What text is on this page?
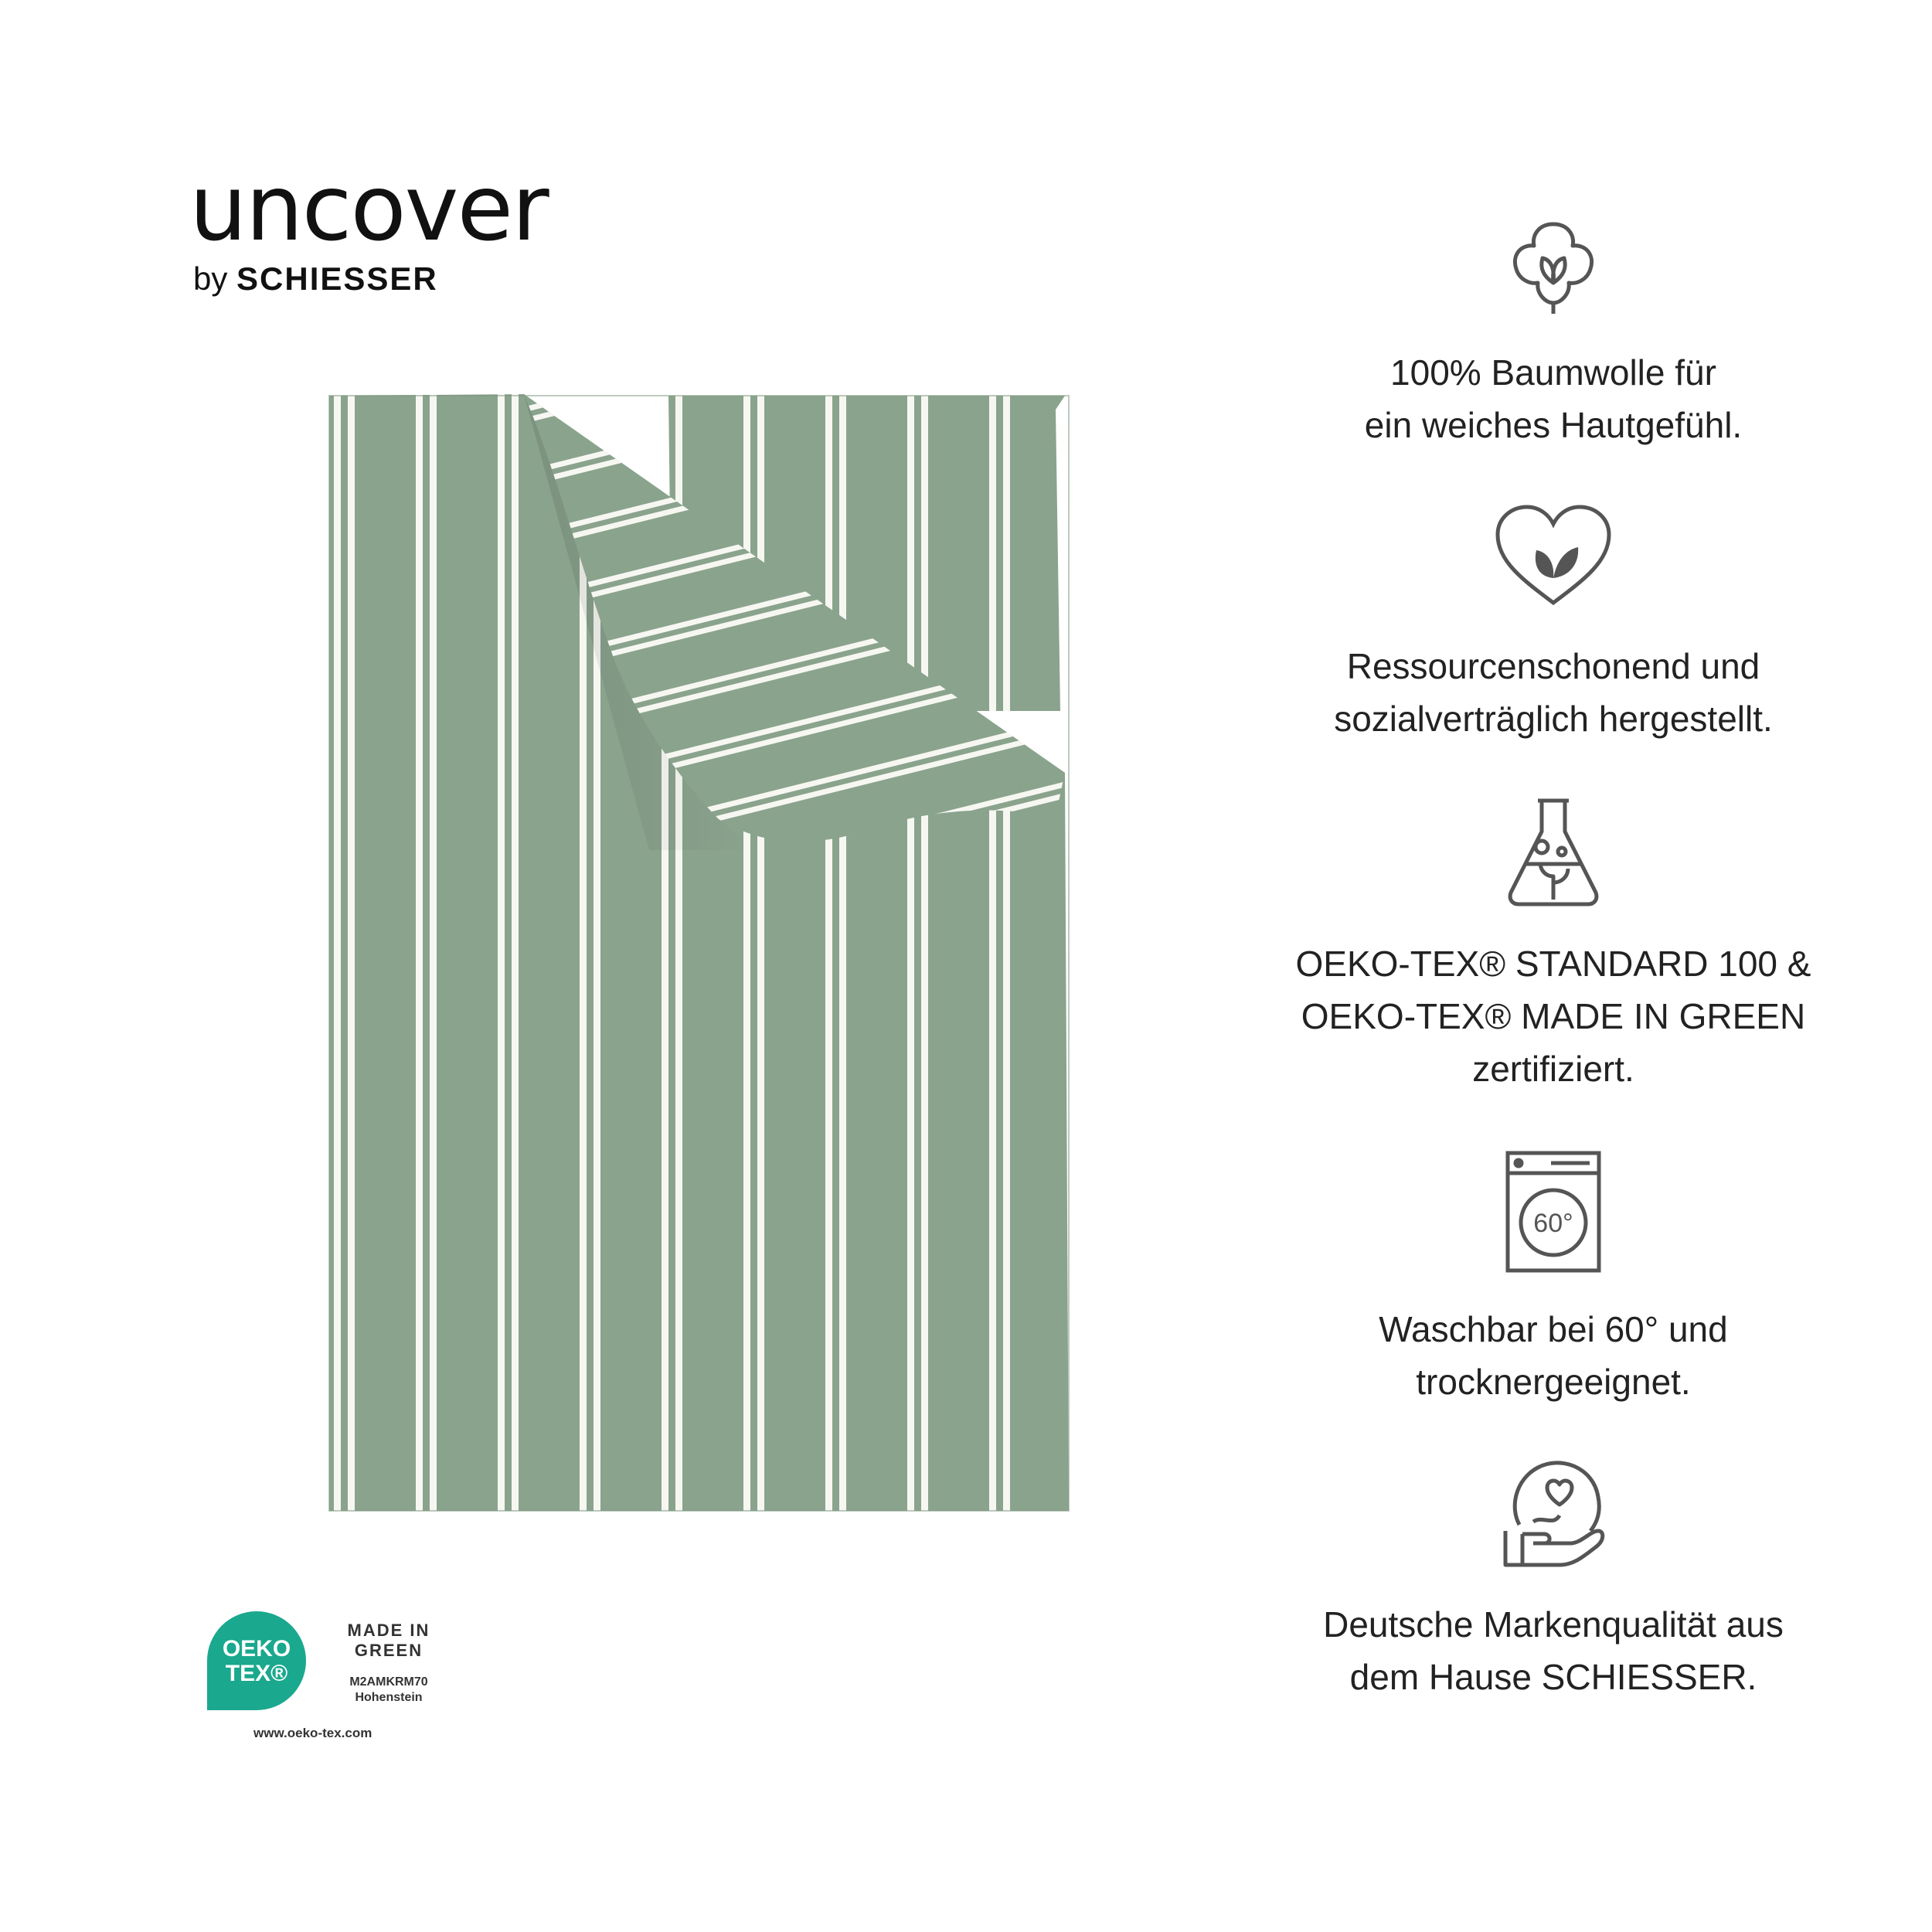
uncover
by SCHIESSER
100% Baumwolle für
ein weiches Hautgefühl.
Ressourcenschonend und
sozialverträglich hergestellt.
OEKO-TEX® STANDARD 100 &
OEKO-TEX® MADE IN GREEN
zertifiziert.
60°
Waschbar bei 60° und
trocknergeeignet.
Deutsche Markenqualität aus
dem Hause SCHIESSER.
OEKO
TEX®
MADE IN
GREEN
M2AMKRM70
Hohenstein
www.oeko-tex.com
